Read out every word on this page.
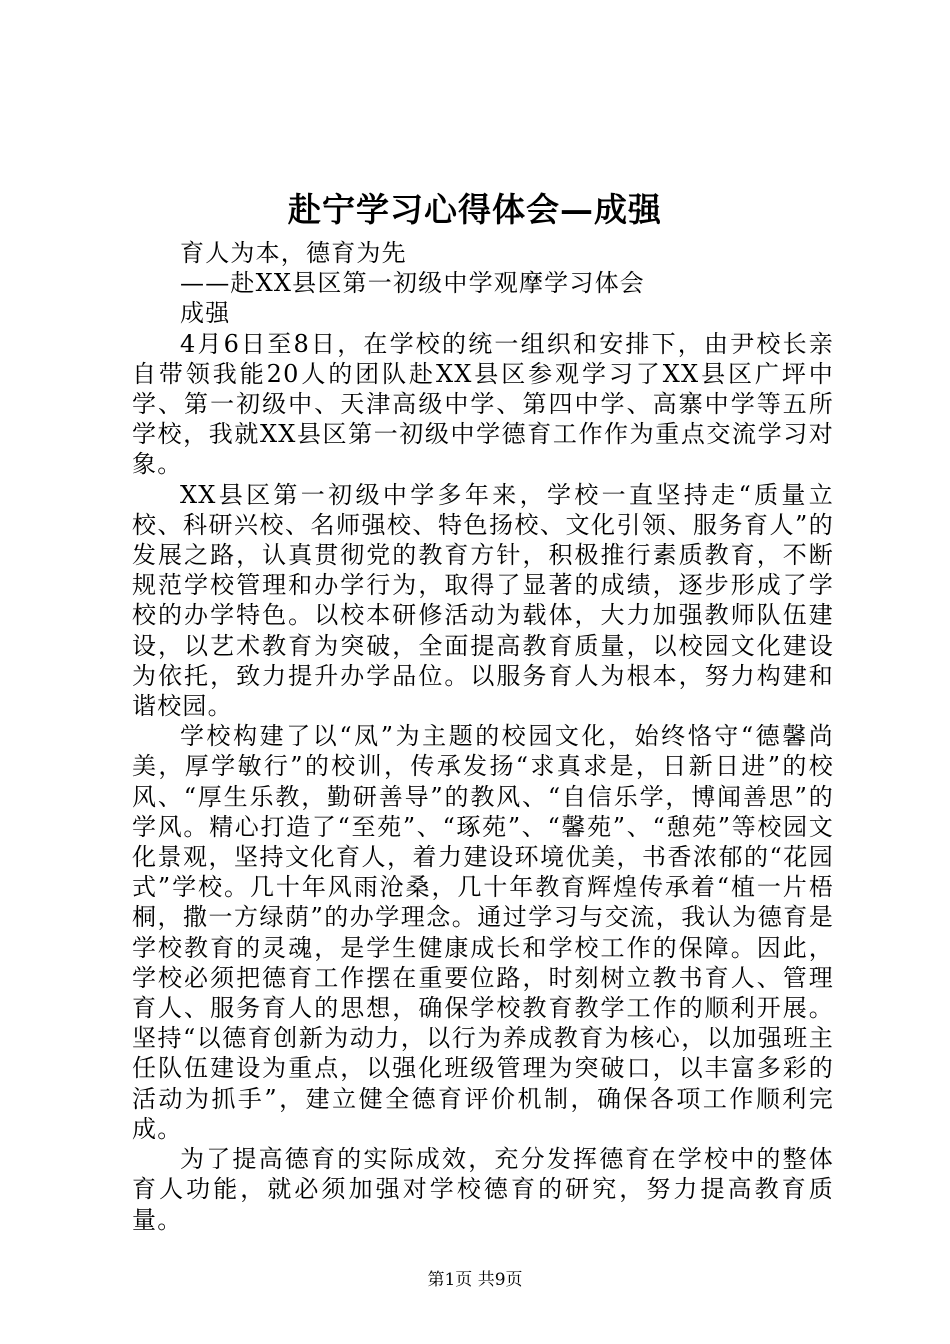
赴宁学习心得体会—成强

育人为本，德育为先

——赴XX县区第一初级中学观摩学习体会

成强

4月6日至8日，在学校的统一组织和安排下，由尹校长亲自带领我能20人的团队赴XX县区参观学习了XX县区广坪中学、第一初级中、天津高级中学、第四中学、高寨中学等五所学校，我就XX县区第一初级中学德育工作作为重点交流学习对象。

XX县区第一初级中学多年来，学校一直坚持走“质量立校、科研兴校、名师强校、特色扬校、文化引领、服务育人”的发展之路，认真贯彻党的教育方针，积极推行素质教育，不断规范学校管理和办学行为，取得了显著的成绩，逐步形成了学校的办学特色。以校本研修活动为载体，大力加强教师队伍建设，以艺术教育为突破，全面提高教育质量，以校园文化建设为依托，致力提升办学品位。以服务育人为根本，努力构建和谐校园。

学校构建了以“凤”为主题的校园文化，始终恪守“德馨尚美，厚学敏行”的校训，传承发扬“求真求是，日新日进”的校风、“厚生乐教，勤研善导”的教风、“自信乐学，博闻善思”的学风。精心打造了“至苑”、“琢苑”、“馨苑”、“憩苑”等校园文化景观，坚持文化育人，着力建设环境优美，书香浓郁的“花园式”学校。几十年风雨沧桑，几十年教育辉煌传承着“植一片梧桐，撒一方绿荫”的办学理念。通过学习与交流，我认为德育是学校教育的灵魂，是学生健康成长和学校工作的保障。因此，学校必须把德育工作摆在重要位路，时刻树立教书育人、管理育人、服务育人的思想，确保学校教育教学工作的顺利开展。坚持“以德育创新为动力，以行为养成教育为核心，以加强班主任队伍建设为重点，以强化班级管理为突破口，以丰富多彩的活动为抓手”，建立健全德育评价机制，确保各项工作顺利完成。

为了提高德育的实际成效，充分发挥德育在学校中的整体育人功能，就必须加强对学校德育的研究，努力提高教育质量。

第1页 共9页
